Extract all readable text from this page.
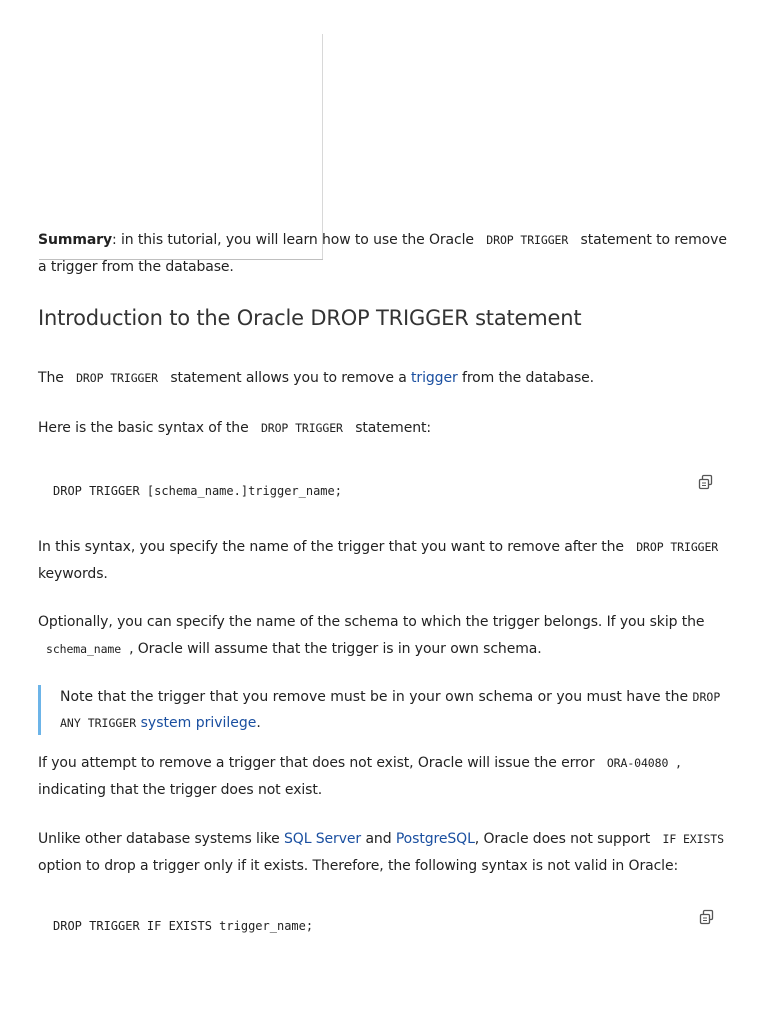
Summary: in this tutorial, you will learn how to use the Oracle DROP TRIGGER statement to remove a trigger from the database.
Introduction to the Oracle DROP TRIGGER statement
The DROP TRIGGER statement allows you to remove a trigger from the database.
Here is the basic syntax of the DROP TRIGGER statement:
DROP TRIGGER [schema_name.]trigger_name;
In this syntax, you specify the name of the trigger that you want to remove after the DROP TRIGGER keywords.
Optionally, you can specify the name of the schema to which the trigger belongs. If you skip the schema_name , Oracle will assume that the trigger is in your own schema.
Note that the trigger that you remove must be in your own schema or you must have the DROP ANY TRIGGER system privilege.
If you attempt to remove a trigger that does not exist, Oracle will issue the error ORA-04080 , indicating that the trigger does not exist.
Unlike other database systems like SQL Server and PostgreSQL, Oracle does not support IF EXISTS option to drop a trigger only if it exists. Therefore, the following syntax is not valid in Oracle:
DROP TRIGGER IF EXISTS trigger_name;
